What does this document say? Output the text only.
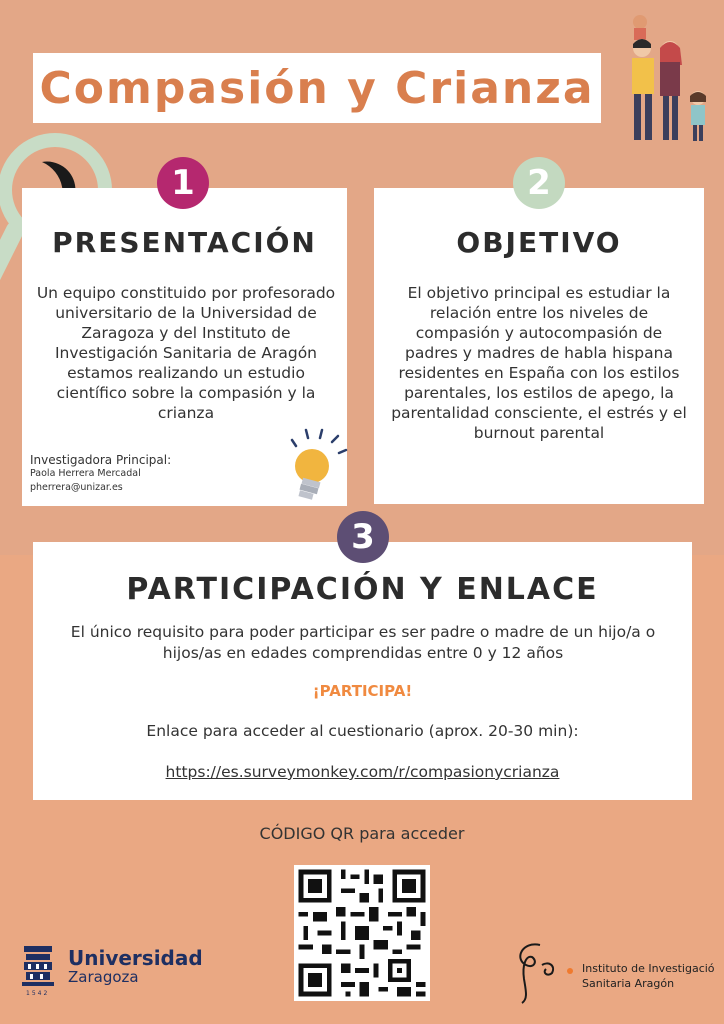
Compasión y Crianza
PRESENTACIÓN
Un equipo constituido por profesorado universitario de la Universidad de Zaragoza y del Instituto de Investigación Sanitaria de Aragón estamos realizando un estudio científico sobre la compasión y la crianza
Investigadora Principal:
Paola Herrera Mercadal
pherrera@unizar.es
OBJETIVO
El objetivo principal es estudiar la relación entre los niveles de compasión y autocompasión de padres y madres de habla hispana residentes en España con los estilos parentales, los estilos de apego, la parentalidad consciente, el estrés y el burnout parental
PARTICIPACIÓN Y ENLACE
El único requisito para poder participar es ser padre o madre de un hijo/a o hijos/as en edades comprendidas entre 0 y 12 años
¡PARTICIPA!
Enlace para acceder al cuestionario (aprox. 20-30 min):
https://es.surveymonkey.com/r/compasionycrianza
1	2
3
CÓDIGO QR para acceder
1542
Universidad
Zaragoza	Instituto de Investigació
Sanitaria Aragón
